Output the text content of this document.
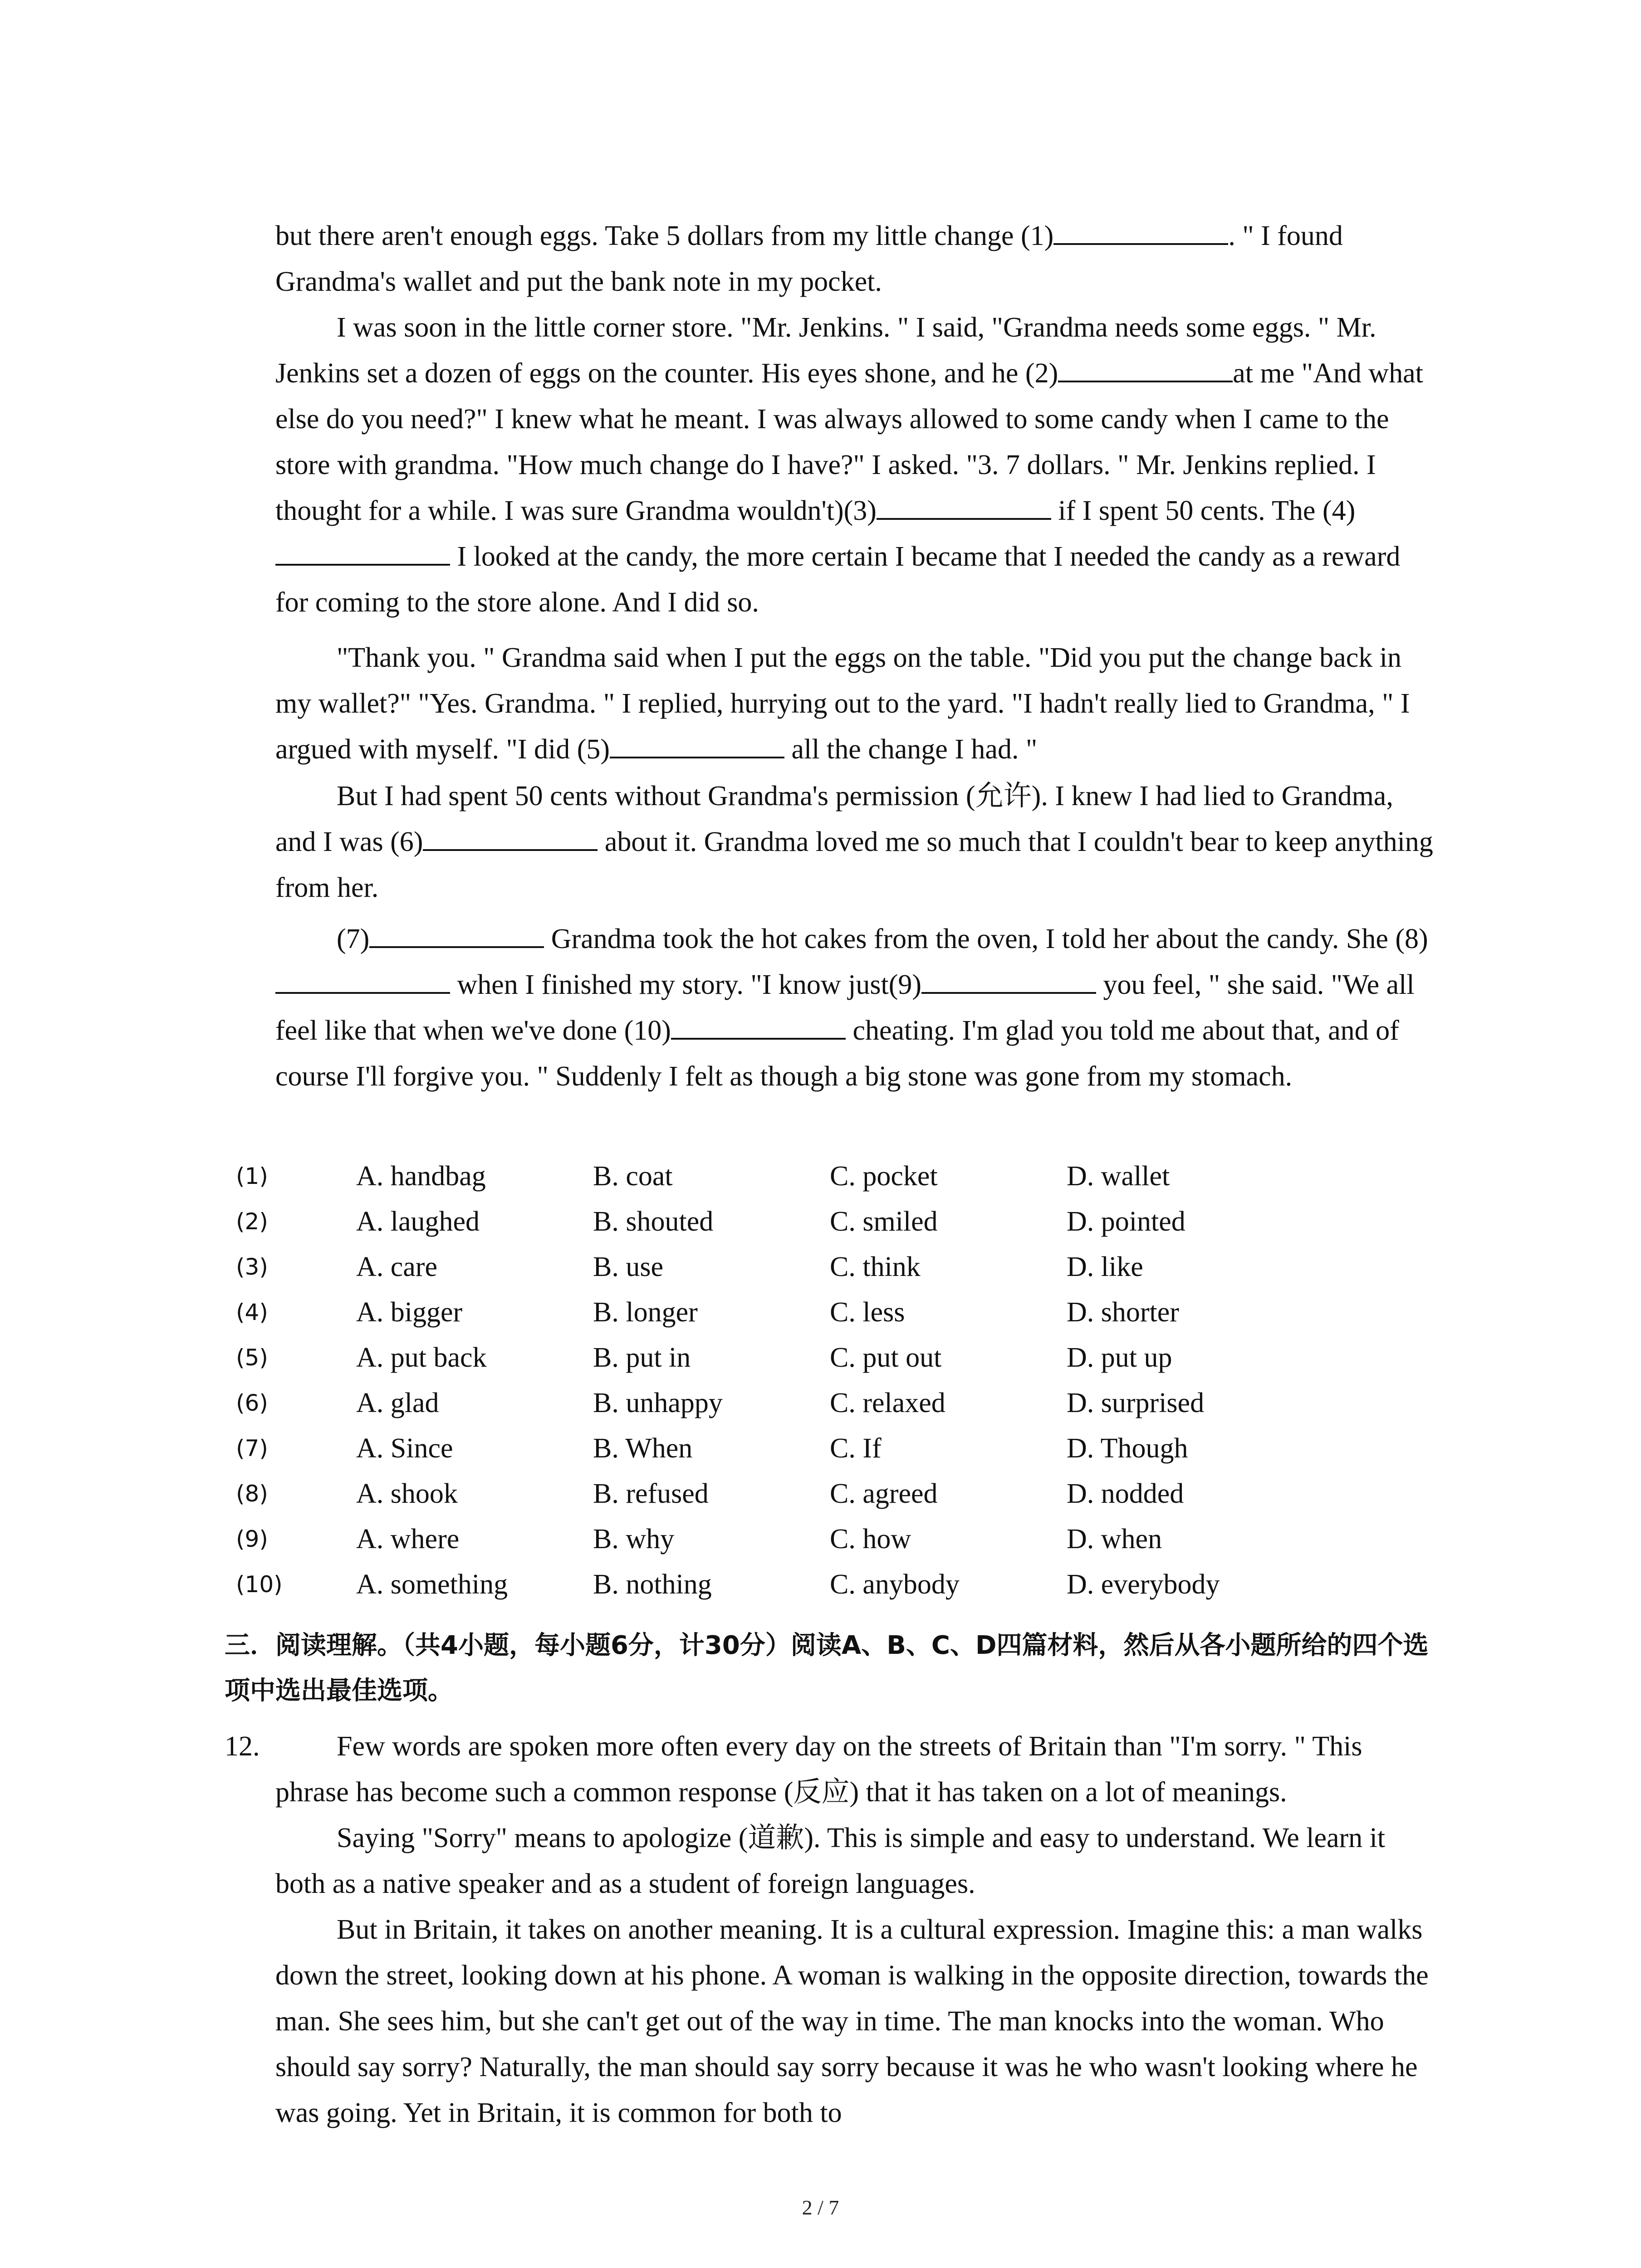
but there aren't enough eggs. Take 5 dollars from my little change (1)	. " I found Grandma's wallet and put the bank note in my pocket.

I was soon in the little corner store. "Mr. Jenkins. " I said, "Grandma needs some eggs. " Mr. Jenkins set a dozen of eggs on the counter. His eyes shone, and he (2)	at me "And what else do you need?" I knew what he meant. I was always allowed to some candy when I came to the store with grandma. "How much change do I have?" I asked. "3. 7 dollars. " Mr. Jenkins replied. I thought for a while. I was sure Grandma wouldn't)(3)	if I spent 50 cents. The (4) I looked at the candy, the more certain I became that I needed the candy as a reward for coming to the store alone. And I did so.

"Thank you. " Grandma said when I put the eggs on the table. "Did you put the change back in my wallet?" "Yes. Grandma. " I replied, hurrying out to the yard. "I hadn't really lied to Grandma, " I argued with myself. "I did (5)	all the change I had. "

But I had spent 50 cents without Grandma's permission (允许). I knew I had lied to Grandma, and I was (6)	about it. Grandma loved me so much that I couldn't bear to keep anything from her.

(7)	Grandma took the hot cakes from the oven, I told her about the candy. She (8) when I finished my story. "I know just(9)	you feel, " she said. "We all feel like that when we've done (10)	cheating. I'm glad you told me about that, and of course I'll forgive you. " Suddenly I felt as though a big stone was gone from my stomach.

(1)	A. handbag	B. coat	C. pocket	D. wallet
(2)	A. laughed	B. shouted	C. smiled	D. pointed
(3)	A. care	B. use	C. think	D. like
(4)	A. bigger	B. longer	C. less	D. shorter
(5)	A. put back	B. put in	C. put out	D. put up
(6)	A. glad	B. unhappy	C. relaxed	D. surprised
(7)	A. Since	B. When	C. If	D. Though
(8)	A. shook	B. refused	C. agreed	D. nodded
(9)	A. where	B. why	C. how	D. when
(10)	A. something	B. nothing	C. anybody	D. everybody

三．阅读理解。（共4小题，每小题6分，计30分）阅读A、B、C、D四篇材料，然后从各小题所给的四个选项中选出最佳选项。

12.	Few words are spoken more often every day on the streets of Britain than "I'm sorry. " This phrase has become such a common response (反应) that it has taken on a lot of meanings.

Saying "Sorry" means to apologize (道歉). This is simple and easy to understand. We learn it both as a native speaker and as a student of foreign languages.

But in Britain, it takes on another meaning. It is a cultural expression. Imagine this: a man walks down the street, looking down at his phone. A woman is walking in the opposite direction, towards the man. She sees him, but she can't get out of the way in time. The man knocks into the woman. Who should say sorry? Naturally, the man should say sorry because it was he who wasn't looking where he was going. Yet in Britain, it is common for both to

2 / 7
